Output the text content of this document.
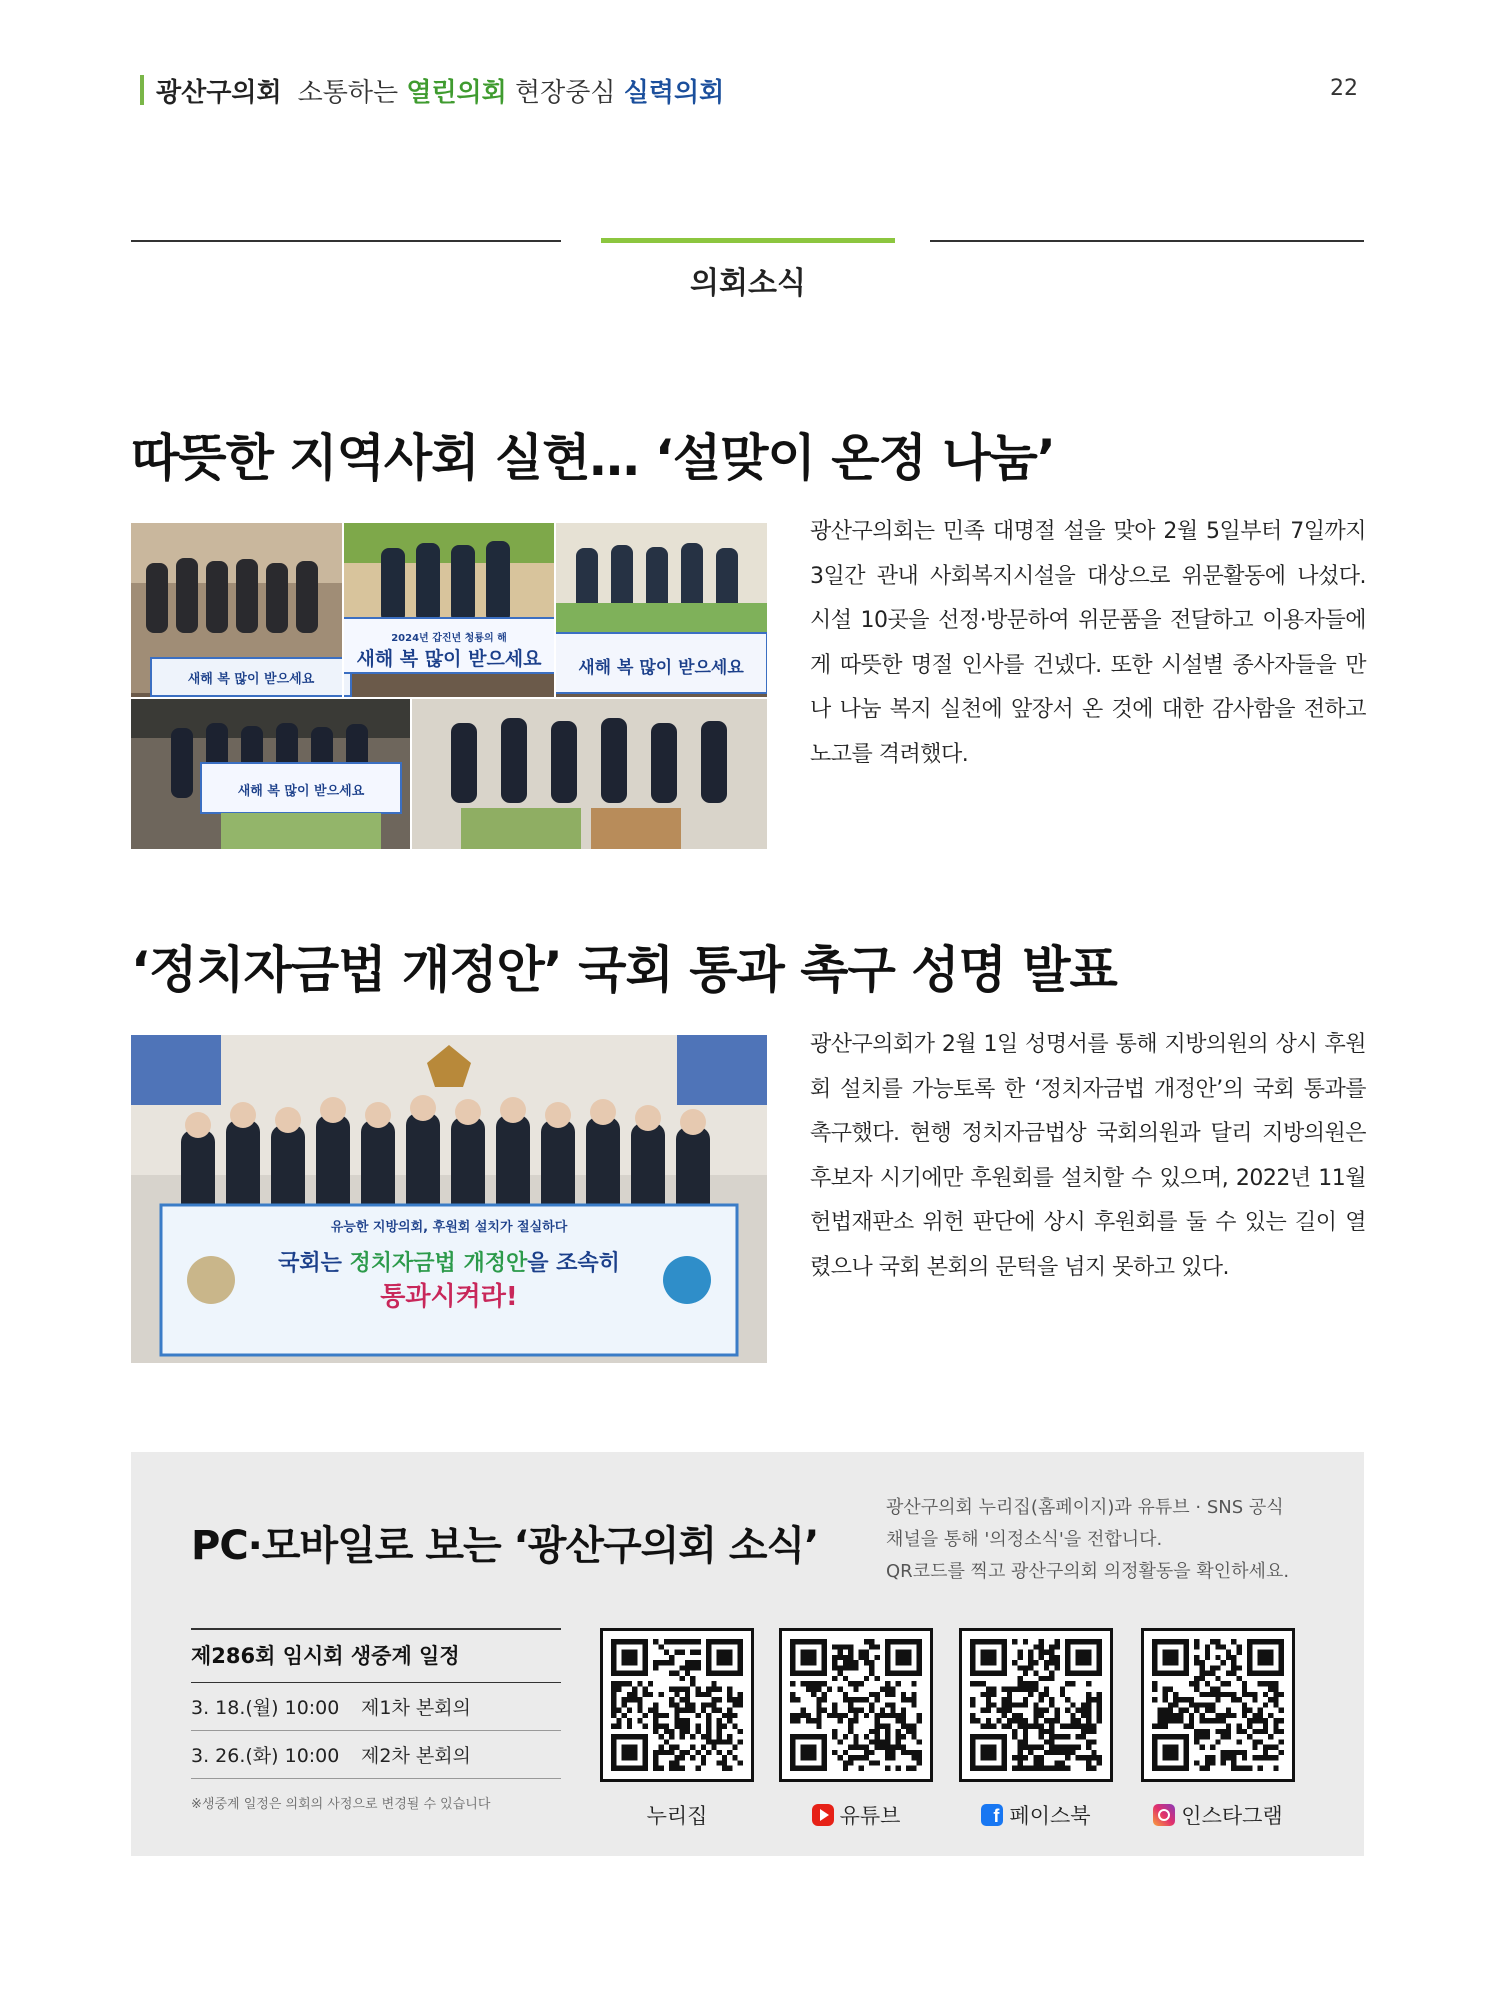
광산구의회 소통하는 열린의회 현장중심 실력의회	22
의회소식
따뜻한 지역사회 실현… ‘설맞이 온정 나눔’
2024년 갑진년 청룡의 해
새해 복 많이 받으세요
새해 복 많이 받으세요
새해 복 많이 받으세요
새해 복 많이 받으세요

광산구의회는 민족 대명절 설을 맞아 2월 5일부터 7일까지 3일간 관내 사회복지시설을 대상으로 위문활동에 나섰다. 시설 10곳을 선정·방문하여 위문품을 전달하고 이용자들에게 따뜻한 명절 인사를 건넸다. 또한 시설별 종사자들을 만나 나눔 복지 실천에 앞장서 온 것에 대한 감사함을 전하고 노고를 격려했다.

‘정치자금법 개정안’ 국회 통과 촉구 성명 발표
유능한 지방의회, 후원회 설치가 절실하다
국회는 정치자금법 개정안을 조속히
통과시켜라!

광산구의회가 2월 1일 성명서를 통해 지방의원의 상시 후원회 설치를 가능토록 한 ‘정치자금법 개정안’의 국회 통과를 촉구했다. 현행 정치자금법상 국회의원과 달리 지방의원은 후보자 시기에만 후원회를 설치할 수 있으며, 2022년 11월 헌법재판소 위헌 판단에 상시 후원회를 둘 수 있는 길이 열렸으나 국회 본회의 문턱을 넘지 못하고 있다.

PC·모바일로 보는 ‘광산구의회 소식’
광산구의회 누리집(홈페이지)과 유튜브 · SNS 공식
채널을 통해 '의정소식'을 전합니다.
QR코드를 찍고 광산구의회 의정활동을 확인하세요.
제286회 임시회 생중계 일정
3. 18.(월) 10:00	제1차 본회의
3. 26.(화) 10:00	제2차 본회의
※생중계 일정은 의회의 사정으로 변경될 수 있습니다	누리집	유튜브	f 페이스북	인스타그램
